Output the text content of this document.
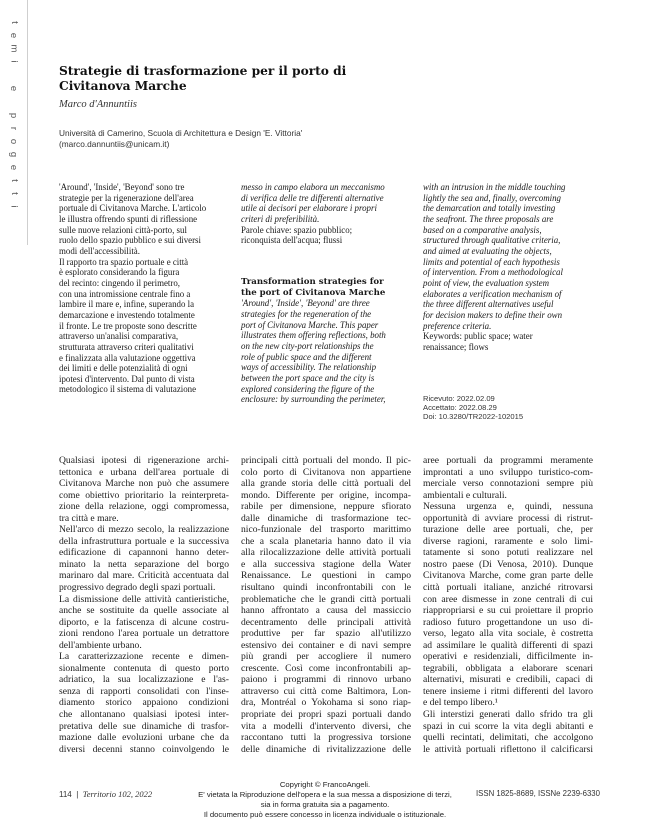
t
e
m
i
e
p
r
o
g
e
t
t
i
Strategie di trasformazione per il porto di Civitanova Marche
Marco d'Annuntiis
Università di Camerino, Scuola di Architettura e Design 'E. Vittoria'
(marco.dannuntiis@unicam.it)
'Around', 'Inside', 'Beyond' sono tre
strategie per la rigenerazione dell'area
portuale di Civitanova Marche. L'articolo
le illustra offrendo spunti di riflessione
sulle nuove relazioni città-porto, sul
ruolo dello spazio pubblico e sui diversi
modi dell'accessibilità.
Il rapporto tra spazio portuale e città
è esplorato considerando la figura
del recinto: cingendo il perimetro,
con una intromissione centrale fino a
lambire il mare e, infine, superando la
demarcazione e investendo totalmente
il fronte. Le tre proposte sono descritte
attraverso un'analisi comparativa,
strutturata attraverso criteri qualitativi
e finalizzata alla valutazione oggettiva
dei limiti e delle potenzialità di ogni
ipotesi d'intervento. Dal punto di vista
metodologico il sistema di valutazione
messo in campo elabora un meccanismo
di verifica delle tre differenti alternative
utile ai decisori per elaborare i propri
criteri di preferibilità.
Parole chiave: spazio pubblico;
riconquista dell'acqua; flussi
Transformation strategies for
the port of Civitanova Marche
'Around', 'Inside', 'Beyond' are three
strategies for the regeneration of the
port of Civitanova Marche. This paper
illustrates them offering reflections, both
on the new city-port relationships the
role of public space and the different
ways of accessibility. The relationship
between the port space and the city is
explored considering the figure of the
enclosure: by surrounding the perimeter,
with an intrusion in the middle touching
lightly the sea and, finally, overcoming
the demarcation and totally investing
the seafront. The three proposals are
based on a comparative analysis,
structured through qualitative criteria,
and aimed at evaluating the objects,
limits and potential of each hypothesis
of intervention. From a methodological
point of view, the evaluation system
elaborates a verification mechanism of
the three different alternatives useful
for decision makers to define their own
preference criteria.
Keywords: public space; water
renaissance; flows
Ricevuto: 2022.02.09
Accettato: 2022.08.29
Doi: 10.3280/TR2022-102015
Qualsiasi ipotesi di rigenerazione archi-
tettonica e urbana dell'area portuale di
Civitanova Marche non può che assumere
come obiettivo prioritario la reinterpreta-
zione della relazione, oggi compromessa,
tra città e mare.
Nell'arco di mezzo secolo, la realizzazione
della infrastruttura portuale e la successiva
edificazione di capannoni hanno deter-
minato la netta separazione del borgo
marinaro dal mare. Criticità accentuata dal
progressivo degrado degli spazi portuali.
La dismissione delle attività cantieristiche,
anche se sostituite da quelle associate al
diporto, e la fatiscenza di alcune costru-
zioni rendono l'area portuale un detrattore
dell'ambiente urbano.
La caratterizzazione recente e dimen-
sionalmente contenuta di questo porto
adriatico, la sua localizzazione e l'as-
senza di rapporti consolidati con l'inse-
diamento storico appaiono condizioni
che allontanano qualsiasi ipotesi inter-
pretativa delle sue dinamiche di trasfor-
mazione dalle evoluzioni urbane che da
diversi decenni stanno coinvolgendo le
principali città portuali del mondo. Il pic-
colo porto di Civitanova non appartiene
alla grande storia delle città portuali del
mondo. Differente per origine, incompa-
rabile per dimensione, neppure sfiorato
dalle dinamiche di trasformazione tec-
nico-funzionale del trasporto marittimo
che a scala planetaria hanno dato il via
alla rilocalizzazione delle attività portuali
e alla successiva stagione della Water
Renaissance. Le questioni in campo
risultano quindi inconfrontabili con le
problematiche che le grandi città portuali
hanno affrontato a causa del massiccio
decentramento delle principali attività
produttive per far spazio all'utilizzo
estensivo dei container e di navi sempre
più grandi per accogliere il numero
crescente. Così come inconfrontabili ap-
paiono i programmi di rinnovo urbano
attraverso cui città come Baltimora, Lon-
dra, Montréal o Yokohama si sono riap-
propriate dei propri spazi portuali dando
vita a modelli d'intervento diversi, che
raccontano tutti la progressiva torsione
delle dinamiche di rivitalizzazione delle
aree portuali da programmi meramente
improntati a uno sviluppo turistico-com-
merciale verso connotazioni sempre più
ambientali e culturali.
Nessuna urgenza e, quindi, nessuna
opportunità di avviare processi di ristrut-
turazione delle aree portuali, che, per
diverse ragioni, raramente e solo limi-
tatamente si sono potuti realizzare nel
nostro paese (Di Venosa, 2010). Dunque
Civitanova Marche, come gran parte delle
città portuali italiane, anziché ritrovarsi
con aree dismesse in zone centrali di cui
riappropriarsi e su cui proiettare il proprio
radioso futuro progettandone un uso di-
verso, legato alla vita sociale, è costretta
ad assimilare le qualità differenti di spazi
operativi e residenziali, difficilmente in-
tegrabili, obbligata a elaborare scenari
alternativi, misurati e credibili, capaci di
tenere insieme i ritmi differenti del lavoro
e del tempo libero.¹
Gli interstizi generati dallo sfrido tra gli
spazi in cui scorre la vita degli abitanti e
quelli recintati, delimitati, che accolgono
le attività portuali riflettono il calcificarsi
114 | Territorio 102, 2022
Copyright © FrancoAngeli.
E' vietata la Riproduzione dell'opera e la sua messa a disposizione di terzi,
sia in forma gratuita sia a pagamento.
Il documento può essere concesso in licenza individuale o istituzionale.
ISSN 1825-8689, ISSNe 2239-6330
